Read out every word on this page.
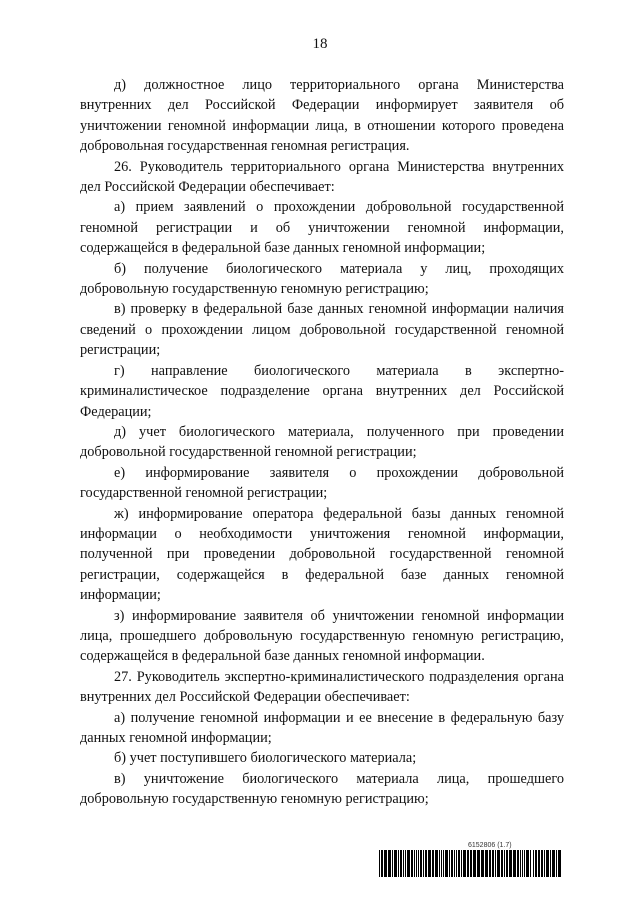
18

д) должностное лицо территориального органа Министерства внутренних дел Российской Федерации информирует заявителя об уничтожении геномной информации лица, в отношении которого проведена добровольная государственная геномная регистрация.

26. Руководитель территориального органа Министерства внутренних дел Российской Федерации обеспечивает:

а) прием заявлений о прохождении добровольной государственной геномной регистрации и об уничтожении геномной информации, содержащейся в федеральной базе данных геномной информации;

б) получение биологического материала у лиц, проходящих добровольную государственную геномную регистрацию;

в) проверку в федеральной базе данных геномной информации наличия сведений о прохождении лицом добровольной государственной геномной регистрации;

г) направление биологического материала в экспертно-криминалистическое подразделение органа внутренних дел Российской Федерации;

д) учет биологического материала, полученного при проведении добровольной государственной геномной регистрации;

е) информирование заявителя о прохождении добровольной государственной геномной регистрации;

ж) информирование оператора федеральной базы данных геномной информации о необходимости уничтожения геномной информации, полученной при проведении добровольной государственной геномной регистрации, содержащейся в федеральной базе данных геномной информации;

з) информирование заявителя об уничтожении геномной информации лица, прошедшего добровольную государственную геномную регистрацию, содержащейся в федеральной базе данных геномной информации.

27. Руководитель экспертно-криминалистического подразделения органа внутренних дел Российской Федерации обеспечивает:

а) получение геномной информации и ее внесение в федеральную базу данных геномной информации;

б) учет поступившего биологического материала;

в) уничтожение биологического материала лица, прошедшего добровольную государственную геномную регистрацию;

6152806 (1.7)
